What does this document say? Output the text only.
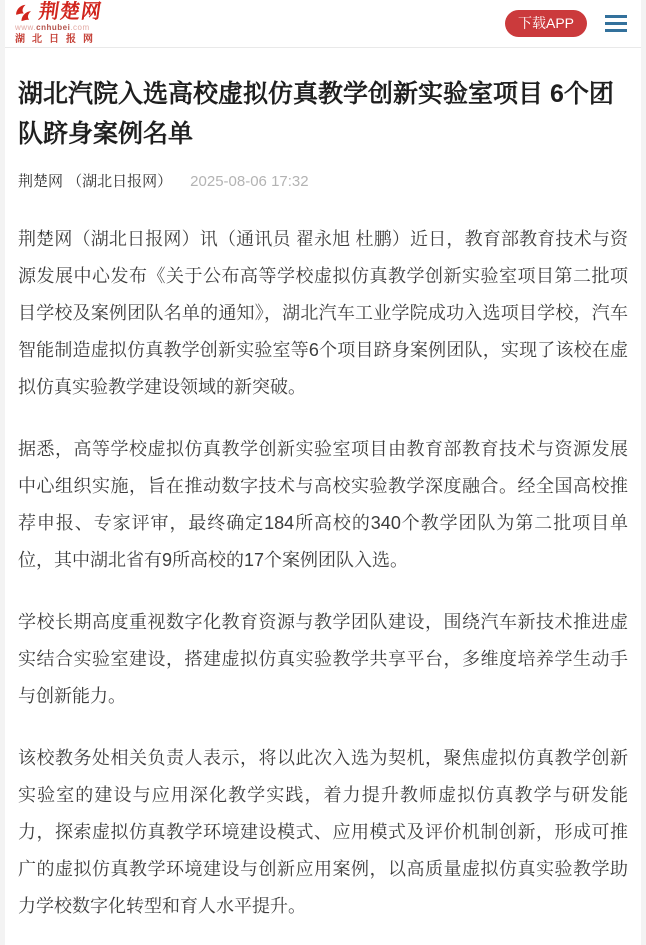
荆楚网
www.cnhubei.com
湖北日报网
下载APP
湖北汽院入选高校虚拟仿真教学创新实验室项目 6个团队跻身案例名单
荆楚网 （湖北日报网） 2025-08-06 17:32

荆楚网（湖北日报网）讯（通讯员 翟永旭 杜鹏）近日，教育部教育技术与资源发展中心发布《关于公布高等学校虚拟仿真教学创新实验室项目第二批项目学校及案例团队名单的通知》，湖北汽车工业学院成功入选项目学校，汽车智能制造虚拟仿真教学创新实验室等6个项目跻身案例团队，实现了该校在虚拟仿真实验教学建设领域的新突破。

据悉，高等学校虚拟仿真教学创新实验室项目由教育部教育技术与资源发展中心组织实施，旨在推动数字技术与高校实验教学深度融合。经全国高校推荐申报、专家评审，最终确定184所高校的340个教学团队为第二批项目单位，其中湖北省有9所高校的17个案例团队入选。

学校长期高度重视数字化教育资源与教学团队建设，围绕汽车新技术推进虚实结合实验室建设，搭建虚拟仿真实验教学共享平台，多维度培养学生动手与创新能力。

该校教务处相关负责人表示，将以此次入选为契机，聚焦虚拟仿真教学创新实验室的建设与应用深化教学实践，着力提升教师虚拟仿真教学与研发能力，探索虚拟仿真教学环境建设模式、应用模式及评价机制创新，形成可推广的虚拟仿真教学环境建设与创新应用案例，以高质量虚拟仿真实验教学助力学校数字化转型和育人水平提升。
